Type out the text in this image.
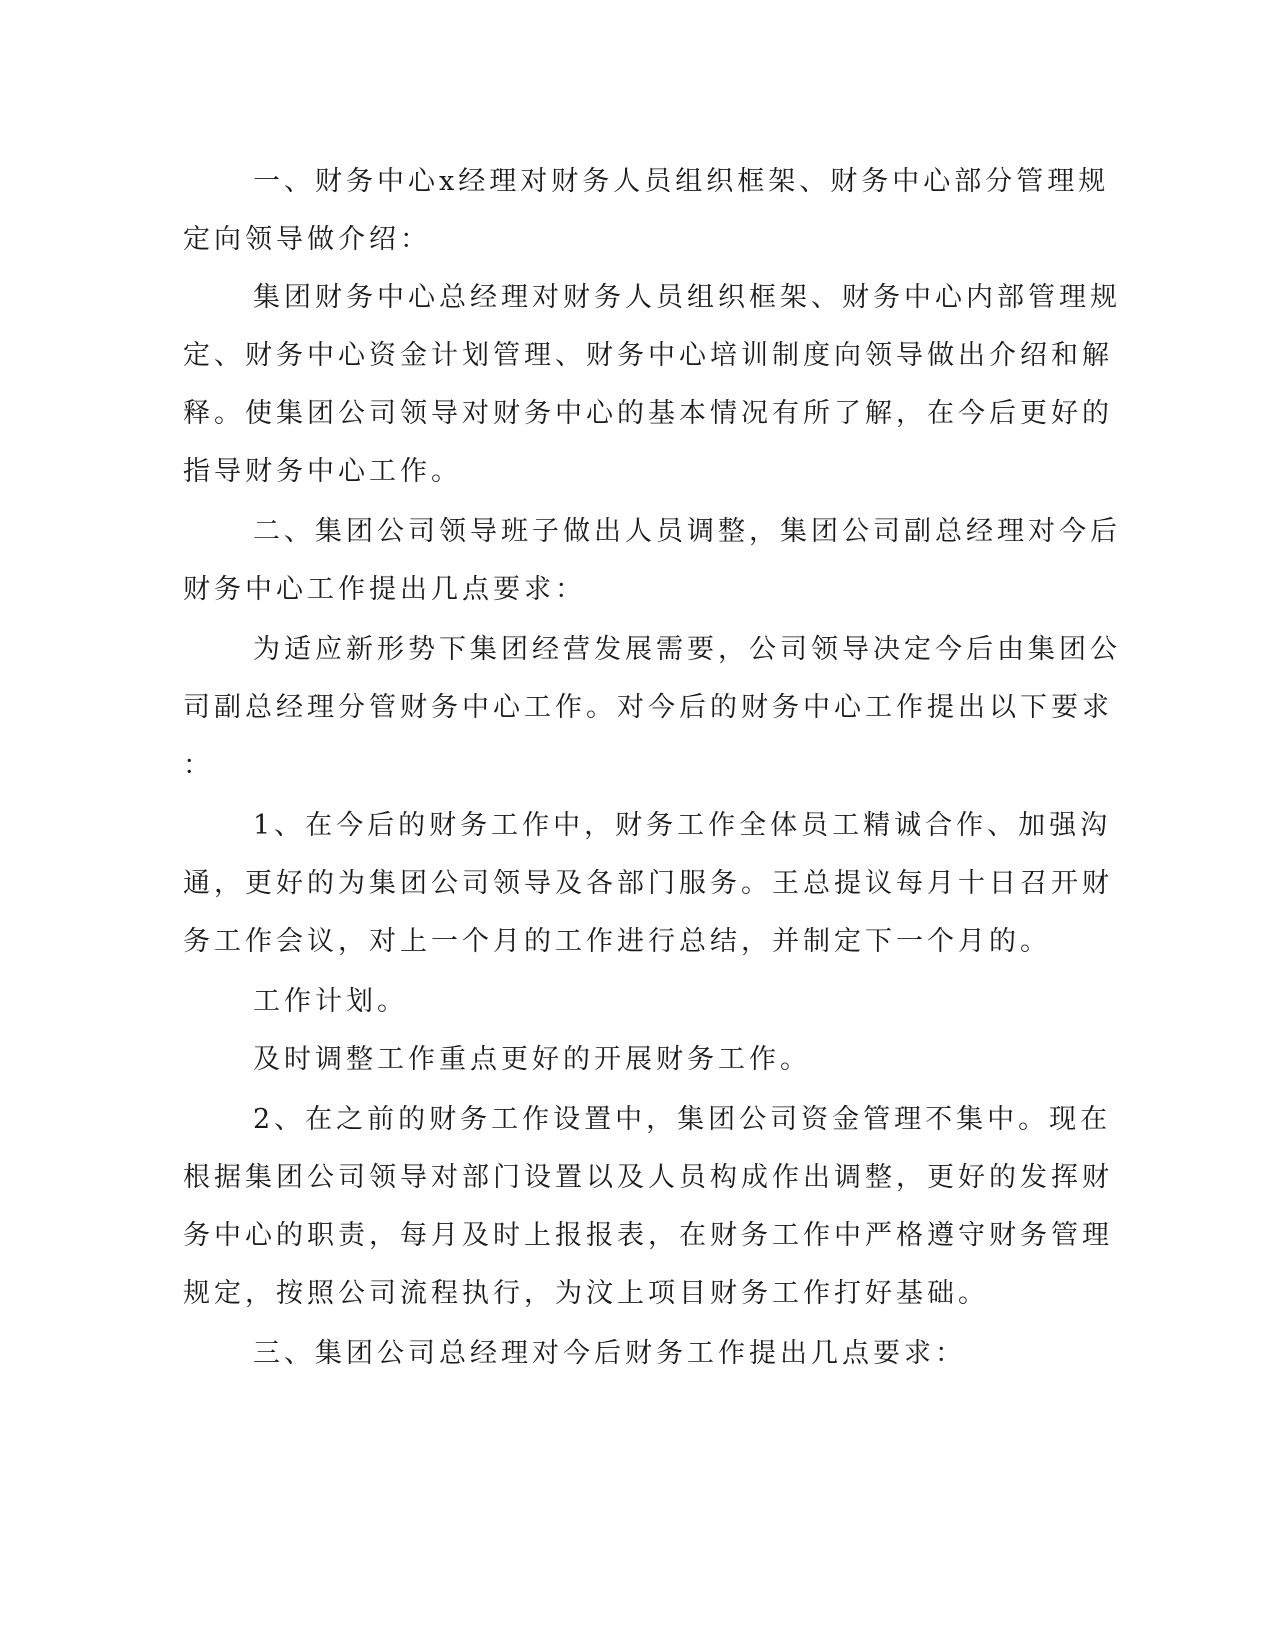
一、财务中心x经理对财务人员组织框架、财务中心部分管理规
定向领导做介绍：
集团财务中心总经理对财务人员组织框架、财务中心内部管理规
定、财务中心资金计划管理、财务中心培训制度向领导做出介绍和解
释。使集团公司领导对财务中心的基本情况有所了解，在今后更好的
指导财务中心工作。
二、集团公司领导班子做出人员调整，集团公司副总经理对今后
财务中心工作提出几点要求：
为适应新形势下集团经营发展需要，公司领导决定今后由集团公
司副总经理分管财务中心工作。对今后的财务中心工作提出以下要求
：
1、在今后的财务工作中，财务工作全体员工精诚合作、加强沟
通，更好的为集团公司领导及各部门服务。王总提议每月十日召开财
务工作会议，对上一个月的工作进行总结，并制定下一个月的。
工作计划。
及时调整工作重点更好的开展财务工作。
2、在之前的财务工作设置中，集团公司资金管理不集中。现在
根据集团公司领导对部门设置以及人员构成作出调整，更好的发挥财
务中心的职责，每月及时上报报表，在财务工作中严格遵守财务管理
规定，按照公司流程执行，为汶上项目财务工作打好基础。
三、集团公司总经理对今后财务工作提出几点要求：
